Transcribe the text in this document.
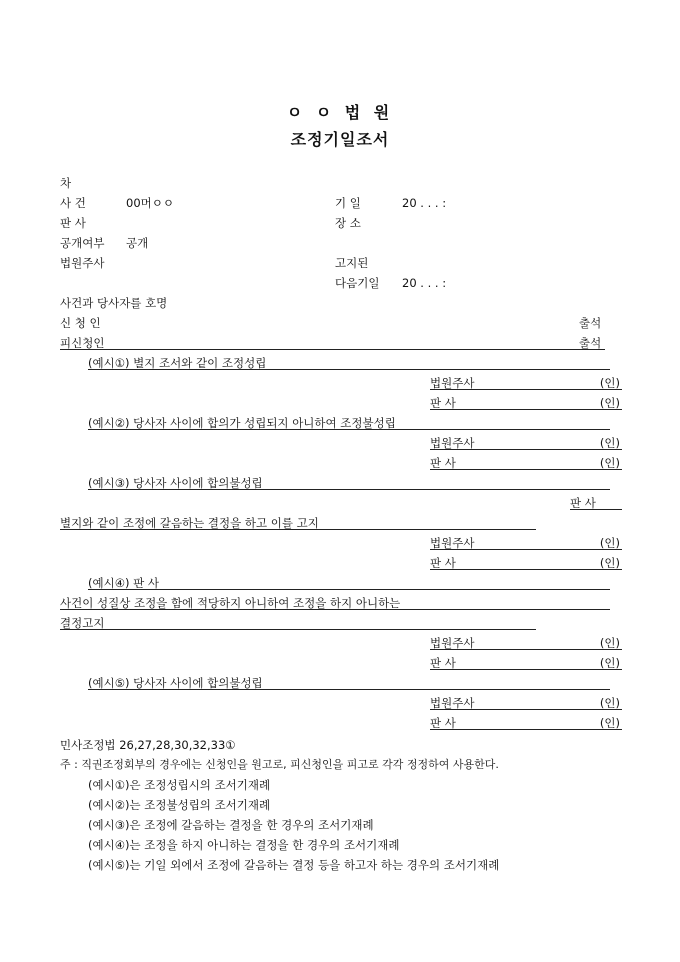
ㅇ ㅇ 법 원
조정기일조서
차
사 건	00머ㅇㅇ	기 일	20 . . . :
판 사	장 소
공개여부 공개
법원주사	고지된
다음기일 20 . . . :
사건과 당사자를 호명
신 청 인	출석
피신청인	출석
(예시①) 별지 조서와 같이 조정성립
법원주사	(인)
판 사	(인)
(예시②) 당사자 사이에 합의가 성립되지 아니하여 조정불성립
법원주사	(인)
판 사	(인)
(예시③) 당사자 사이에 합의불성립
판 사
별지와 같이 조정에 갈음하는 결정을 하고 이를 고지
법원주사	(인)
판 사	(인)
(예시④) 판 사
사건이 성질상 조정을 함에 적당하지 아니하여 조정을 하지 아니하는
결정고지
법원주사	(인)
판 사	(인)
(예시⑤) 당사자 사이에 합의불성립
법원주사	(인)
판 사	(인)
민사조정법 26,27,28,30,32,33①
주 : 직권조정회부의 경우에는 신청인을 원고로, 피신청인을 피고로 각각 정정하여 사용한다.
(예시①)은 조정성립시의 조서기재례
(예시②)는 조정불성립의 조서기재례
(예시③)은 조정에 갈음하는 결정을 한 경우의 조서기재례
(예시④)는 조정을 하지 아니하는 결정을 한 경우의 조서기재례
(예시⑤)는 기일 외에서 조정에 갈음하는 결정 등을 하고자 하는 경우의 조서기재례
